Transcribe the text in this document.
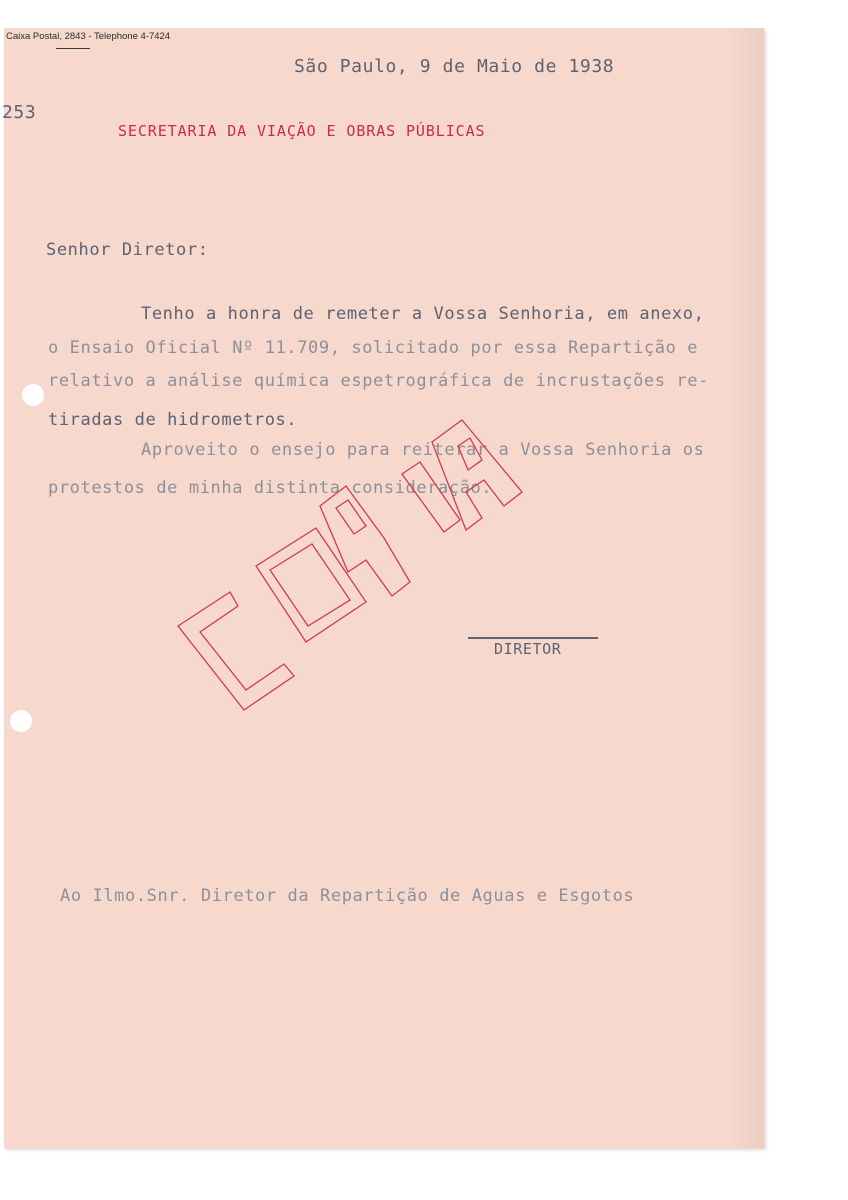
Caixa Postal, 2843 - Telephone 4-7424
São Paulo, 9 de Maio de 1938
253
SECRETARIA DA VIAÇÃO E OBRAS PÚBLICAS
Senhor Diretor:
Tenho a honra de remeter a Vossa Senhoria, em anexo,
o Ensaio Oficial Nº 11.709, solicitado por essa Repartição e
relativo a análise química espetrográfica de incrustações re-
tiradas de hidrometros.
Aproveito o ensejo para reiterar a Vossa Senhoria os
protestos de minha distinta consideração.
DIRETOR
Ao Ilmo.Snr. Diretor da Repartição de Aguas e Esgotos
